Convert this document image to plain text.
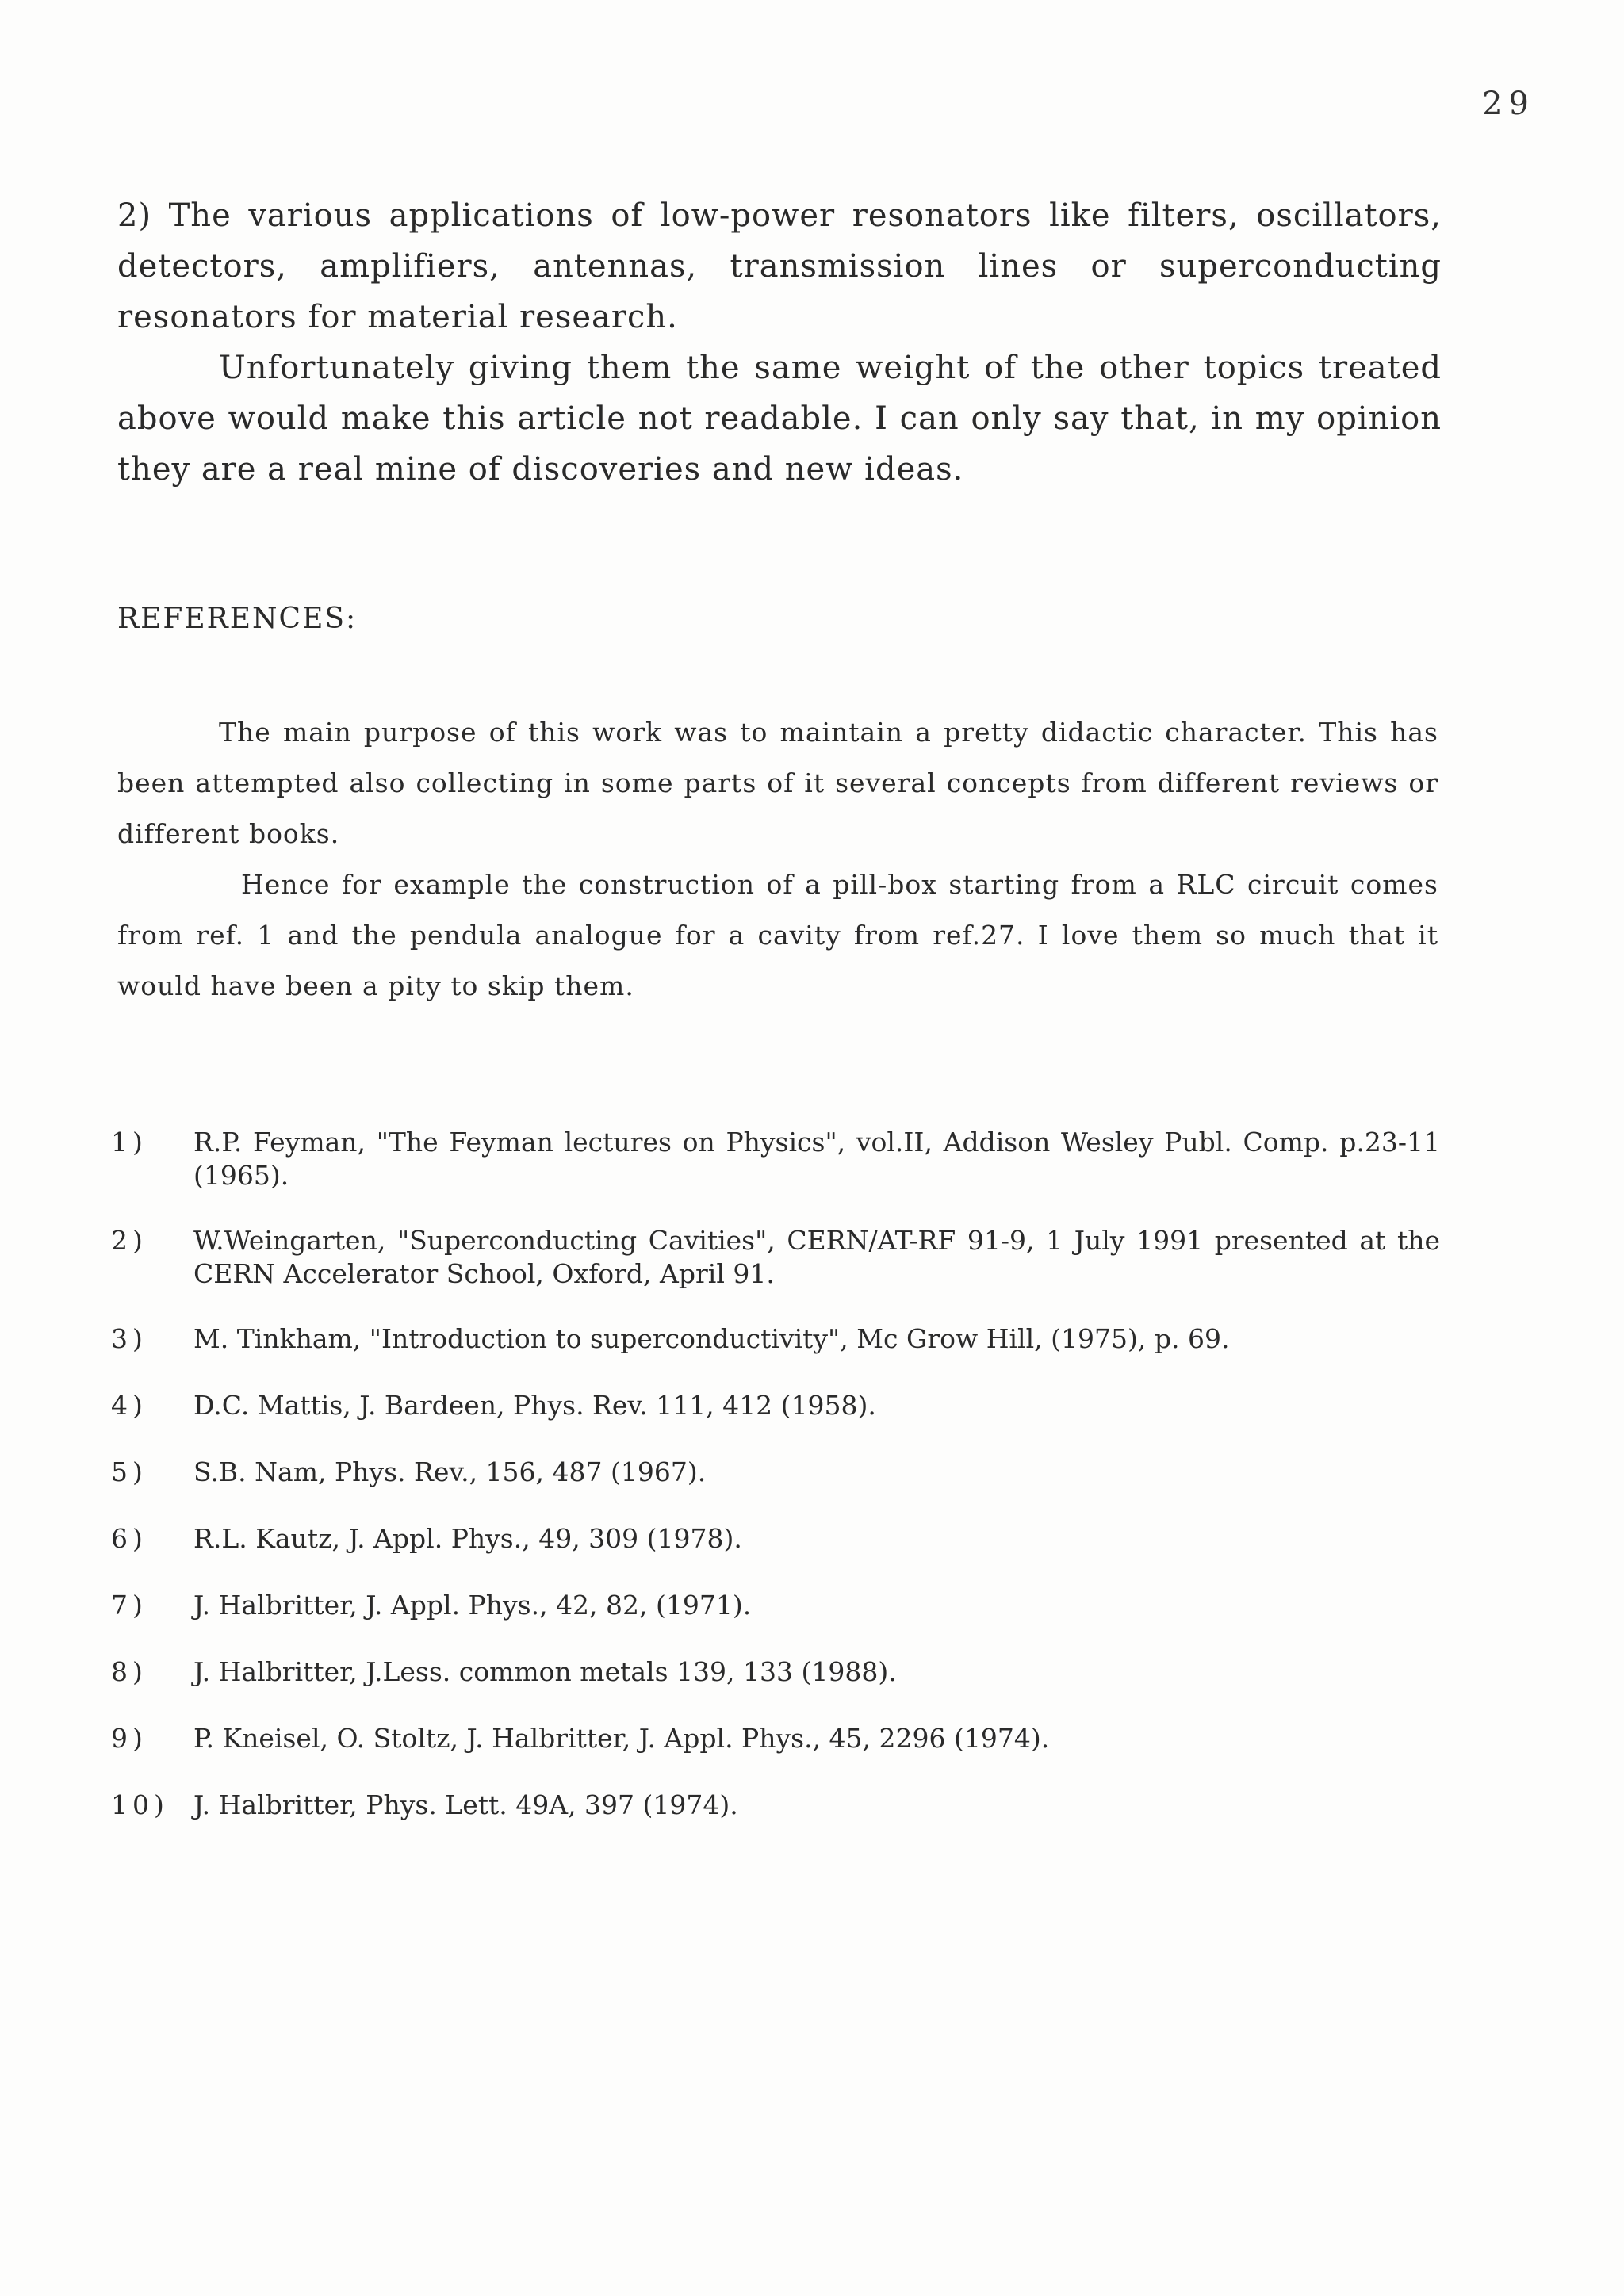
29

2) The various applications of low-power resonators like filters, oscillators, detectors, amplifiers, antennas, transmission lines or superconducting resonators for material research.

Unfortunately giving them the same weight of the other topics treated above would make this article not readable. I can only say that, in my opinion they are a real mine of discoveries and new ideas.

REFERENCES:

The main purpose of this work was to maintain a pretty didactic character. This has been attempted also collecting in some parts of it several concepts from different reviews or different books.

Hence for example the construction of a pill-box starting from a RLC circuit comes from ref. 1 and the pendula analogue for a cavity from ref.27. I love them so much that it would have been a pity to skip them.

1)	R.P. Feyman, "The Feyman lectures on Physics", vol.II, Addison Wesley Publ. Comp. p.23-11 (1965).
2)	W.Weingarten, "Superconducting Cavities", CERN/AT-RF 91-9, 1 July 1991 presented at the CERN Accelerator School, Oxford, April 91.
3)	M. Tinkham, "Introduction to superconductivity", Mc Grow Hill, (1975), p. 69.
4)	D.C. Mattis, J. Bardeen, Phys. Rev. 111, 412 (1958).
5)	S.B. Nam, Phys. Rev., 156, 487 (1967).
6)	R.L. Kautz, J. Appl. Phys., 49, 309 (1978).
7)	J. Halbritter, J. Appl. Phys., 42, 82, (1971).
8)	J. Halbritter, J.Less. common metals 139, 133 (1988).
9)	P. Kneisel, O. Stoltz, J. Halbritter, J. Appl. Phys., 45, 2296 (1974).
10) J. Halbritter, Phys. Lett. 49A, 397 (1974).
